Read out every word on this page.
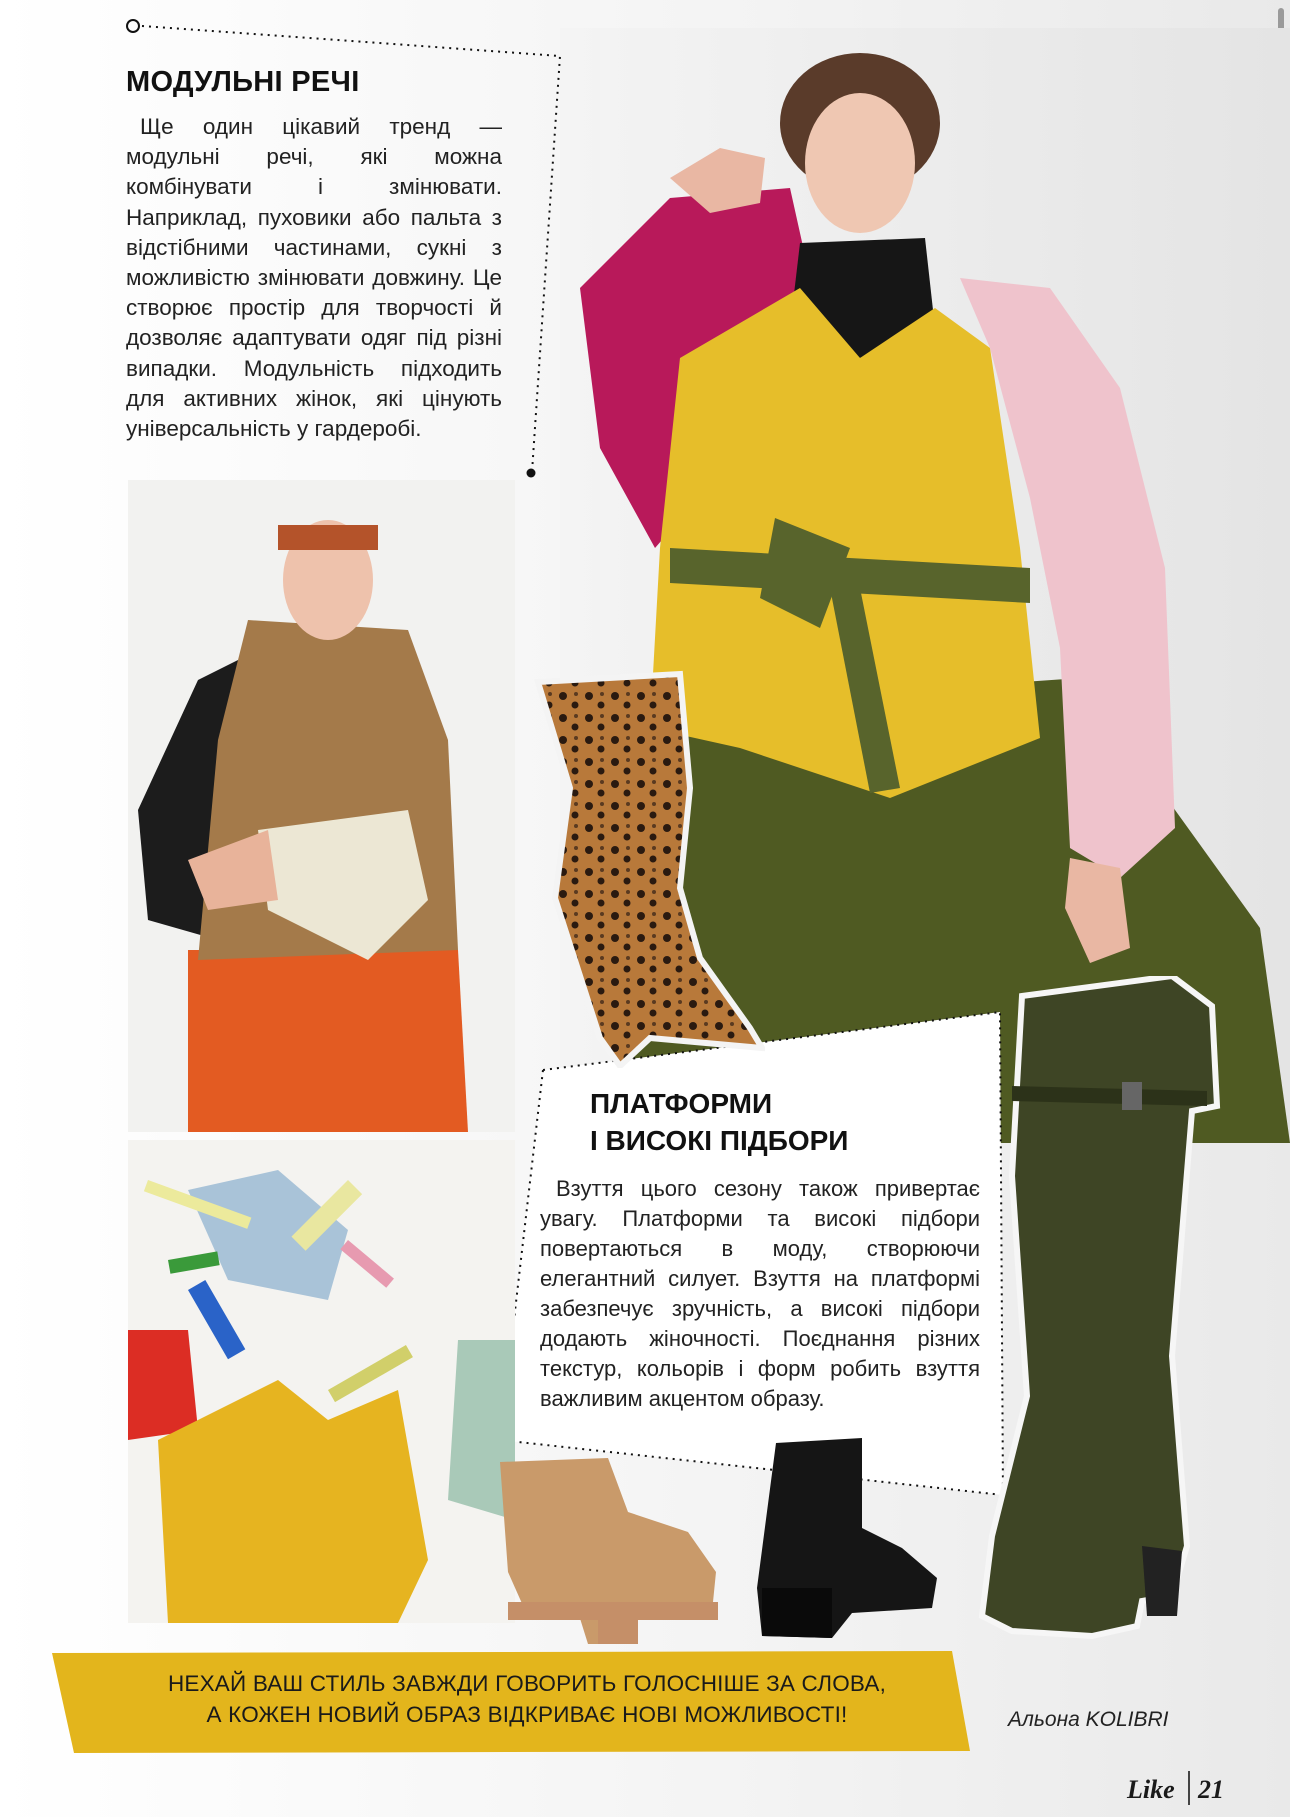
МОДУЛЬНІ РЕЧІ
Ще один цікавий тренд — модульні речі, які можна комбінувати і змінювати. Наприклад, пуховики або пальта з відстібними частинами, сукні з можливістю змінювати довжину. Це створює простір для творчості й дозволяє адаптувати одяг під різні випадки. Модульність підходить для активних жінок, які цінують універсальність у гардеробі.
ПЛАТФОРМИ
І ВИСОКІ ПІДБОРИ
Взуття цього сезону також привертає увагу. Платформи та високі підбори повертаються в моду, створюючи елегантний силует. Взуття на платформі забезпечує зручність, а високі підбори додають жіночності. Поєднання різних текстур, кольорів і форм робить взуття важливим акцентом образу.
НЕХАЙ ВАШ СТИЛЬ ЗАВЖДИ ГОВОРИТЬ ГОЛОСНІШЕ ЗА СЛОВА,
А КОЖЕН НОВИЙ ОБРАЗ ВІДКРИВАЄ НОВІ МОЖЛИВОСТІ!	Альона KOLIBRI
Like 21
